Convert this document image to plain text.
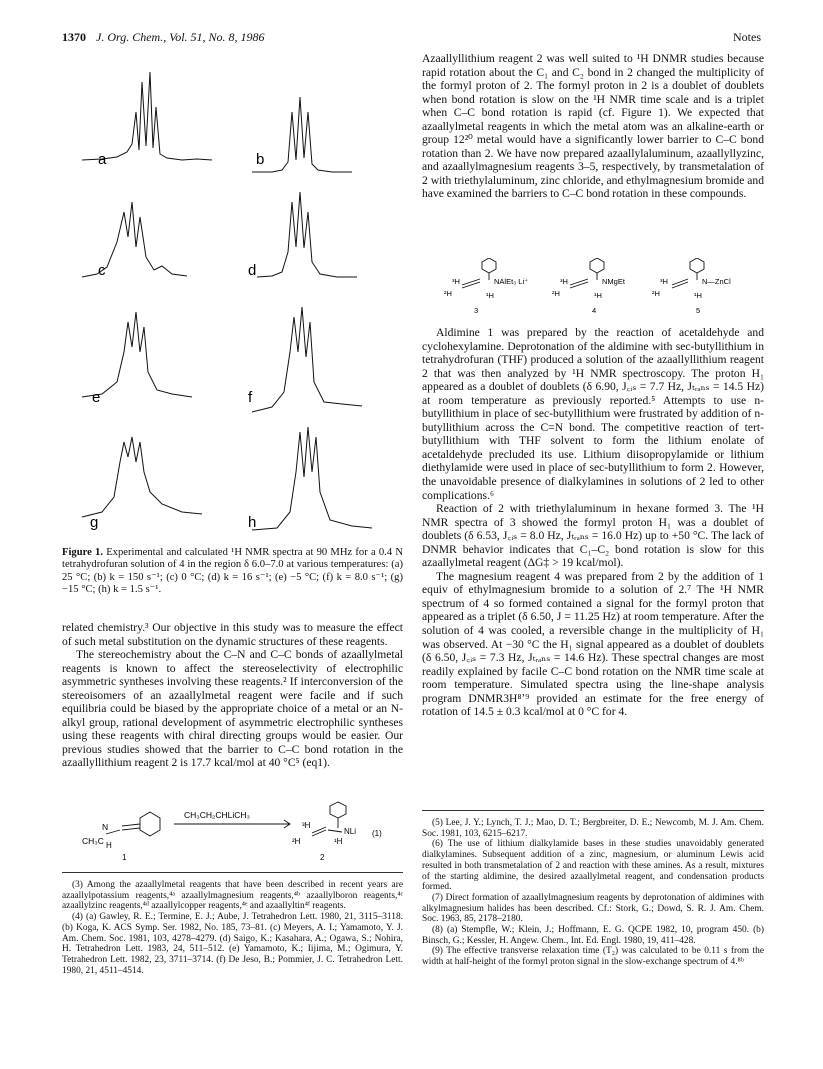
1370 J. Org. Chem., Vol. 51, No. 8, 1986	Notes
a	b
c	d
e	f
g	h
Figure 1. Experimental and calculated ¹H NMR spectra at 90 MHz for a 0.4 N tetrahydrofuran solution of 4 in the region δ 6.0–7.0 at various temperatures: (a) 25 °C; (b) k = 150 s⁻¹; (c) 0 °C; (d) k = 16 s⁻¹; (e) −5 °C; (f) k = 8.0 s⁻¹; (g) −15 °C; (h) k = 1.5 s⁻¹.

related chemistry.³ Our objective in this study was to measure the effect of such metal substitution on the dynamic structures of these reagents.

The stereochemistry about the C–N and C–C bonds of azaallylmetal reagents is known to affect the stereoselectivity of electrophilic asymmetric syntheses involving these reagents.² If interconversion of the stereoisomers of an azaallylmetal reagent were facile and if such equilibria could be biased by the appropriate choice of a metal or an N-alkyl group, rational development of asymmetric electrophilic syntheses using these reagents with chiral directing groups would be easier. Our previous studies showed that the barrier to C–C bond rotation in the azaallyllithium reagent 2 is 17.7 kcal/mol at 40 °C⁵ (eq1).

N
CH₃C H
1
CH₃CH₂CHLiCH₃
³H
²H	¹H
NLi
2
(1)

(3) Among the azaallylmetal reagents that have been described in recent years are azaallylpotassium reagents,⁴ᵃ azaallylmagnesium reagents,⁴ᵇ azaallylboron reagents,⁴ᶜ azaallylzinc reagents,⁴ᵈ azaallylcopper reagents,⁴ᵉ and azaallyltin⁴ᶠ reagents.

(4) (a) Gawley, R. E.; Termine, E. J.; Aube, J. Tetrahedron Lett. 1980, 21, 3115–3118. (b) Koga, K. ACS Symp. Ser. 1982, No. 185, 73–81. (c) Meyers, A. I.; Yamamoto, Y. J. Am. Chem. Soc. 1981, 103, 4278–4279. (d) Saigo, K.; Kasahara, A.; Ogawa, S.; Nohira, H. Tetrahedron Lett. 1983, 24, 511–512. (e) Yamamoto, K.; Iijima, M.; Ogimura, Y. Tetrahedron Lett. 1982, 23, 3711–3714. (f) De Jeso, B.; Pommier, J. C. Tetrahedron Lett. 1980, 21, 4511–4514.

Azaallyllithium reagent 2 was well suited to ¹H DNMR studies because rapid rotation about the C₁ and C₂ bond in 2 changed the multiplicity of the formyl proton of 2. The formyl proton in 2 is a doublet of doublets when bond rotation is slow on the ¹H NMR time scale and is a triplet when C–C bond rotation is rapid (cf. Figure 1). We expected that azaallylmetal reagents in which the metal atom was an alkaline-earth or group 12²⁰ metal would have a significantly lower barrier to C–C bond rotation than 2. We have now prepared azaallylaluminum, azaallyllyzinc, and azaallylmagnesium reagents 3–5, respectively, by transmetalation of 2 with triethylaluminum, zinc chloride, and ethylmagnesium bromide and have examined the barriers to C–C bond rotation in these compounds.

³H
²H	¹H
NAlEt₃ Li⁺
3
³H
²H	¹H
NMgEt
4
³H
²H	¹H
N—ZnCl
5

Aldimine 1 was prepared by the reaction of acetaldehyde and cyclohexylamine. Deprotonation of the aldimine with sec-butyllithium in tetrahydrofuran (THF) produced a solution of the azaallyllithium reagent 2 that was then analyzed by ¹H NMR spectroscopy. The proton H₁ appeared as a doublet of doublets (δ 6.90, J꜀ᵢₛ = 7.7 Hz, Jₜᵣₐₙₛ = 14.5 Hz) at room temperature as previously reported.⁵ Attempts to use n-butyllithium in place of sec-butyllithium were frustrated by addition of n-butyllithium across the C=N bond. The competitive reaction of tert-butyllithium with THF solvent to form the lithium enolate of acetaldehyde precluded its use. Lithium diisopropylamide or lithium diethylamide were used in place of sec-butyllithium to form 2. However, the unavoidable presence of dialkylamines in solutions of 2 led to other complications.⁶

Reaction of 2 with triethylaluminum in hexane formed 3. The ¹H NMR spectra of 3 showed the formyl proton H₁ was a doublet of doublets (δ 6.53, J꜀ᵢₛ = 8.0 Hz, Jₜᵣₐₙₛ = 16.0 Hz) up to +50 °C. The lack of DNMR behavior indicates that C₁–C₂ bond rotation is slow for this azaallylmetal reagent (ΔG‡ > 19 kcal/mol).

The magnesium reagent 4 was prepared from 2 by the addition of 1 equiv of ethylmagnesium bromide to a solution of 2.⁷ The ¹H NMR spectrum of 4 so formed contained a signal for the formyl proton that appeared as a triplet (δ 6.50, J = 11.25 Hz) at room temperature. After the solution of 4 was cooled, a reversible change in the multiplicity of H₁ was observed. At −30 °C the H₁ signal appeared as a doublet of doublets (δ 6.50, J꜀ᵢₛ = 7.3 Hz, Jₜᵣₐₙₛ = 14.6 Hz). These spectral changes are most readily explained by facile C–C bond rotation on the NMR time scale at room temperature. Simulated spectra using the line-shape analysis program DNMR3H⁸ʼ⁹ provided an estimate for the free energy of rotation of 14.5 ± 0.3 kcal/mol at 0 °C for 4.

(5) Lee, J. Y.; Lynch, T. J.; Mao, D. T.; Bergbreiter, D. E.; Newcomb, M. J. Am. Chem. Soc. 1981, 103, 6215–6217.

(6) The use of lithium dialkylamide bases in these studies unavoidably generated dialkylamines. Subsequent addition of a zinc, magnesium, or aluminum Lewis acid resulted in both transmetalation of 2 and reaction with these amines. As a result, mixtures of the starting aldimine, the desired azaallylmetal reagent, and condensation products formed.

(7) Direct formation of azaallylmagnesium reagents by deprotonation of aldimines with alkylmagnesium halides has been described. Cf.: Stork, G.; Dowd, S. R. J. Am. Chem. Soc. 1963, 85, 2178–2180.

(8) (a) Stempfle, W.; Klein, J.; Hoffmann, E. G. QCPE 1982, 10, program 450. (b) Binsch, G.; Kessler, H. Angew. Chem., Int. Ed. Engl. 1980, 19, 411–428.

(9) The effective transverse relaxation time (T₂) was calculated to be 0.11 s from the width at half-height of the formyl proton signal in the slow-exchange spectrum of 4.⁸ᵇ
